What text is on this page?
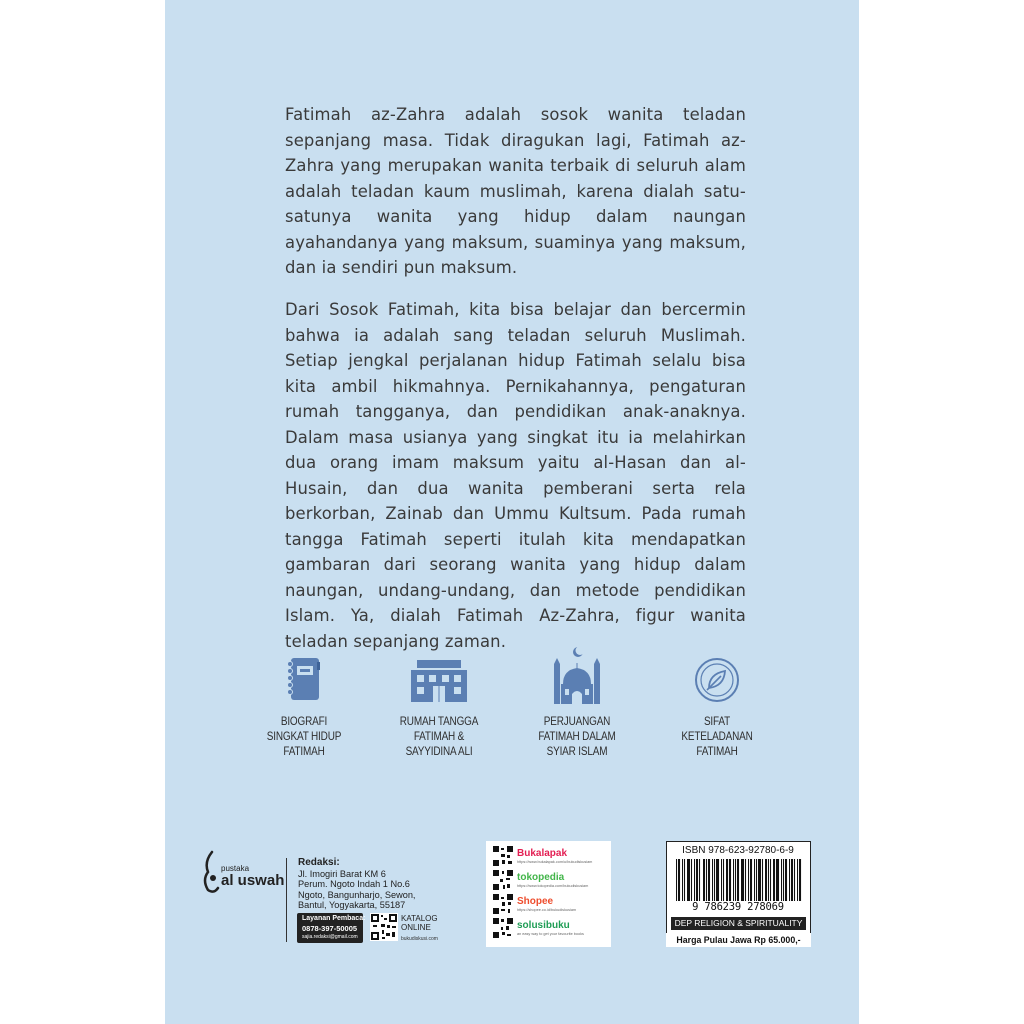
Fatimah az-Zahra adalah sosok wanita teladan sepanjang masa. Tidak diragukan lagi, Fatimah az-Zahra yang merupakan wanita terbaik di seluruh alam adalah teladan kaum muslimah, karena dialah satu-satunya wanita yang hidup dalam naungan ayahandanya yang maksum, suaminya yang maksum, dan ia sendiri pun maksum.

Dari Sosok Fatimah, kita bisa belajar dan bercermin bahwa ia adalah sang teladan seluruh Muslimah. Setiap jengkal perjalanan hidup Fatimah selalu bisa kita ambil hikmahnya. Pernikahannya, pengaturan rumah tangganya, dan pendidikan anak-anaknya. Dalam masa usianya yang singkat itu ia melahirkan dua orang imam maksum yaitu al-Hasan dan al-Husain, dan dua wanita pemberani serta rela berkorban, Zainab dan Ummu Kultsum. Pada rumah tangga Fatimah seperti itulah kita mendapatkan gambaran dari seorang wanita yang hidup dalam naungan, undang-undang, dan metode pendidikan Islam. Ya, dialah Fatimah Az-Zahra, figur wanita teladan sepanjang zaman.

BIOGRAFI
SINGKAT HIDUP
FATIMAH
RUMAH TANGGA
FATIMAH &
SAYYIDINA ALI
PERJUANGAN
FATIMAH DALAM
SYIAR ISLAM
SIFAT
KETELADANAN
FATIMAH
pustaka
al uswah
Redaksi:
Jl. Imogiri Barat KM 6
Perum. Ngoto Indah 1 No.6
Ngoto, Bangunharjo, Sewon,
Bantul, Yogyakarta, 55187
Layanan Pembaca:
0878-397-50005
sajia.redaksi@gmail.com
KATALOG
ONLINE
bukudiskusi.com
Bukalapak
https://www.bukalapak.com/u/bukudiskusiam
tokopedia
https://www.tokopedia.com/bukudiskusiam
Shopee
https://shopee.co.id/bukudiskusiam
solusibuku
an easy way to get your favourite books
ISBN 978-623-92780-6-9
9 786239 278069
DEP RELIGION & SPIRITUALITY
Harga Pulau Jawa Rp 65.000,-
